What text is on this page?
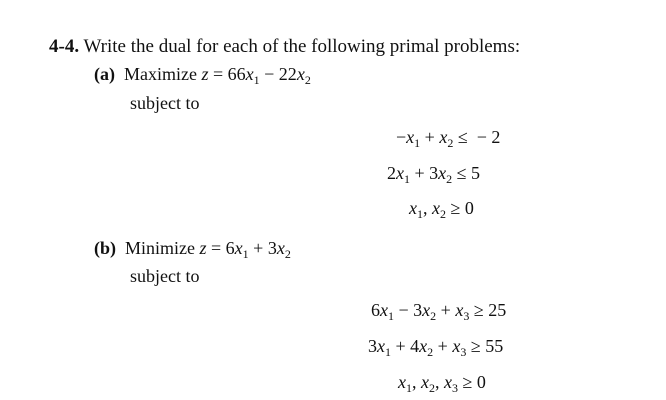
4-4. Write the dual for each of the following primal problems:
(a) Maximize $z = 66x_1 - 22x_2$
subject to
$-x_1 + x_2$ ≤  − 2
$2x_1 + 3x_2 \le 5$
$x_1$, $x_2 \ge 0$
(b) Minimize $z = 6x_1 + 3x_2$
subject to
$6x_1 - 3x_2 + x_3 \ge 25$
$3x_1 + 4x_2 + x_3 \ge 55$
$x_1$, $x_2$, $x_3 \ge 0$
